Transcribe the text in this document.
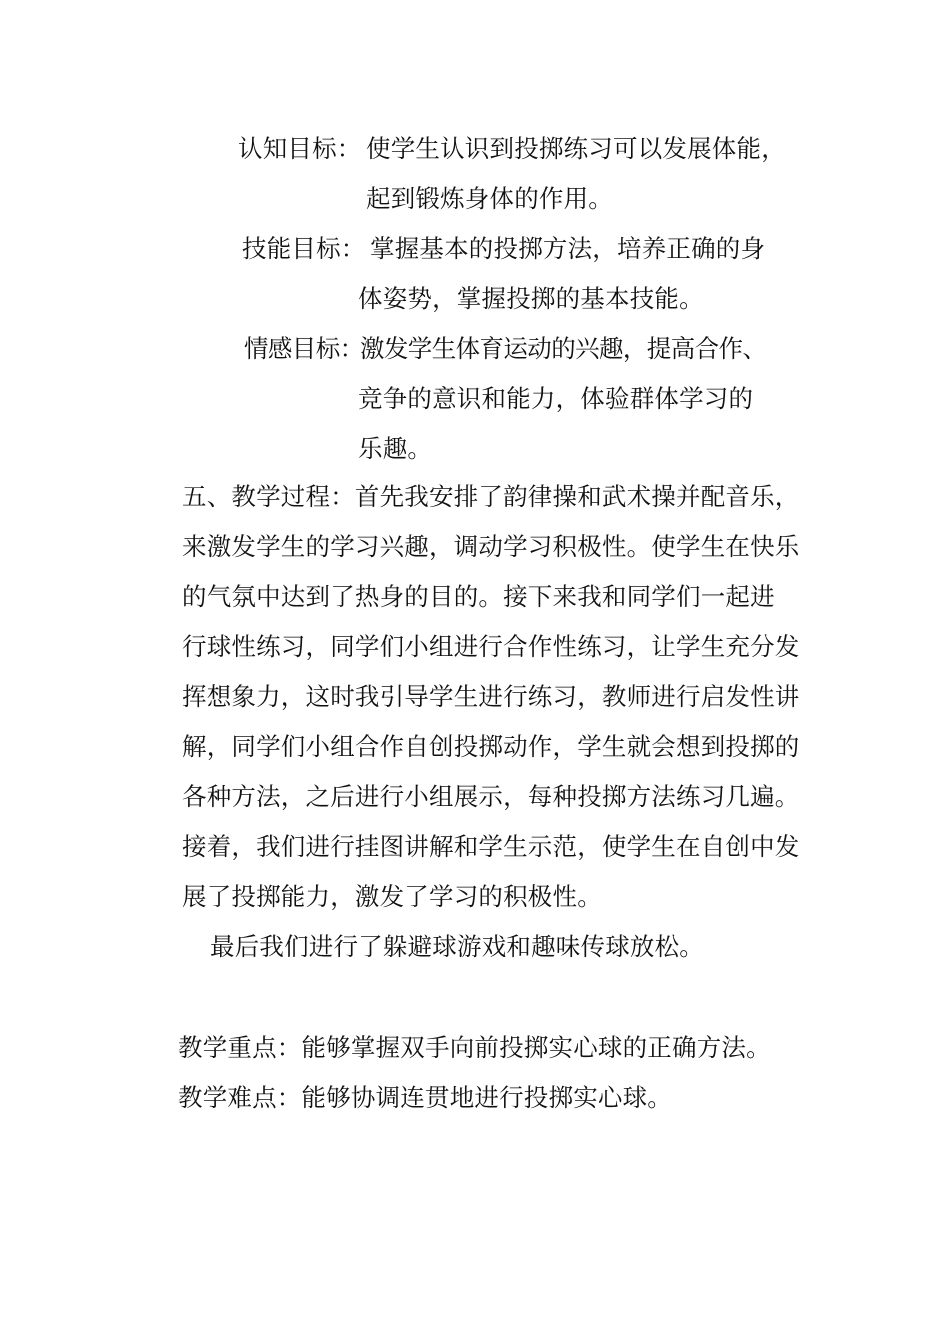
认知目标： 使学生认识到投掷练习可以发展体能，
起到锻炼身体的作用。
技能目标： 掌握基本的投掷方法，培养正确的身
体姿势，掌握投掷的基本技能。
情感目标：
激发学生体育运动的兴趣，提高合作、
竞争的意识和能力，体验群体学习的
乐趣。
五、教学过程：首先我安排了韵律操和武术操并配音乐，
来激发学生的学习兴趣，调动学习积极性。使学生在快乐
的气氛中达到了热身的目的。接下来我和同学们一起进
行球性练习，同学们小组进行合作性练习，让学生充分发
挥想象力，这时我引导学生进行练习，教师进行启发性讲
解，同学们小组合作自创投掷动作，学生就会想到投掷的
各种方法，之后进行小组展示，每种投掷方法练习几遍。
接着，我们进行挂图讲解和学生示范，使学生在自创中发
展了投掷能力，激发了学习的积极性。
最后我们进行了躲避球游戏和趣味传球放松。
教学重点：能够掌握双手向前投掷实心球的正确方法。
教学难点：能够协调连贯地进行投掷实心球。
